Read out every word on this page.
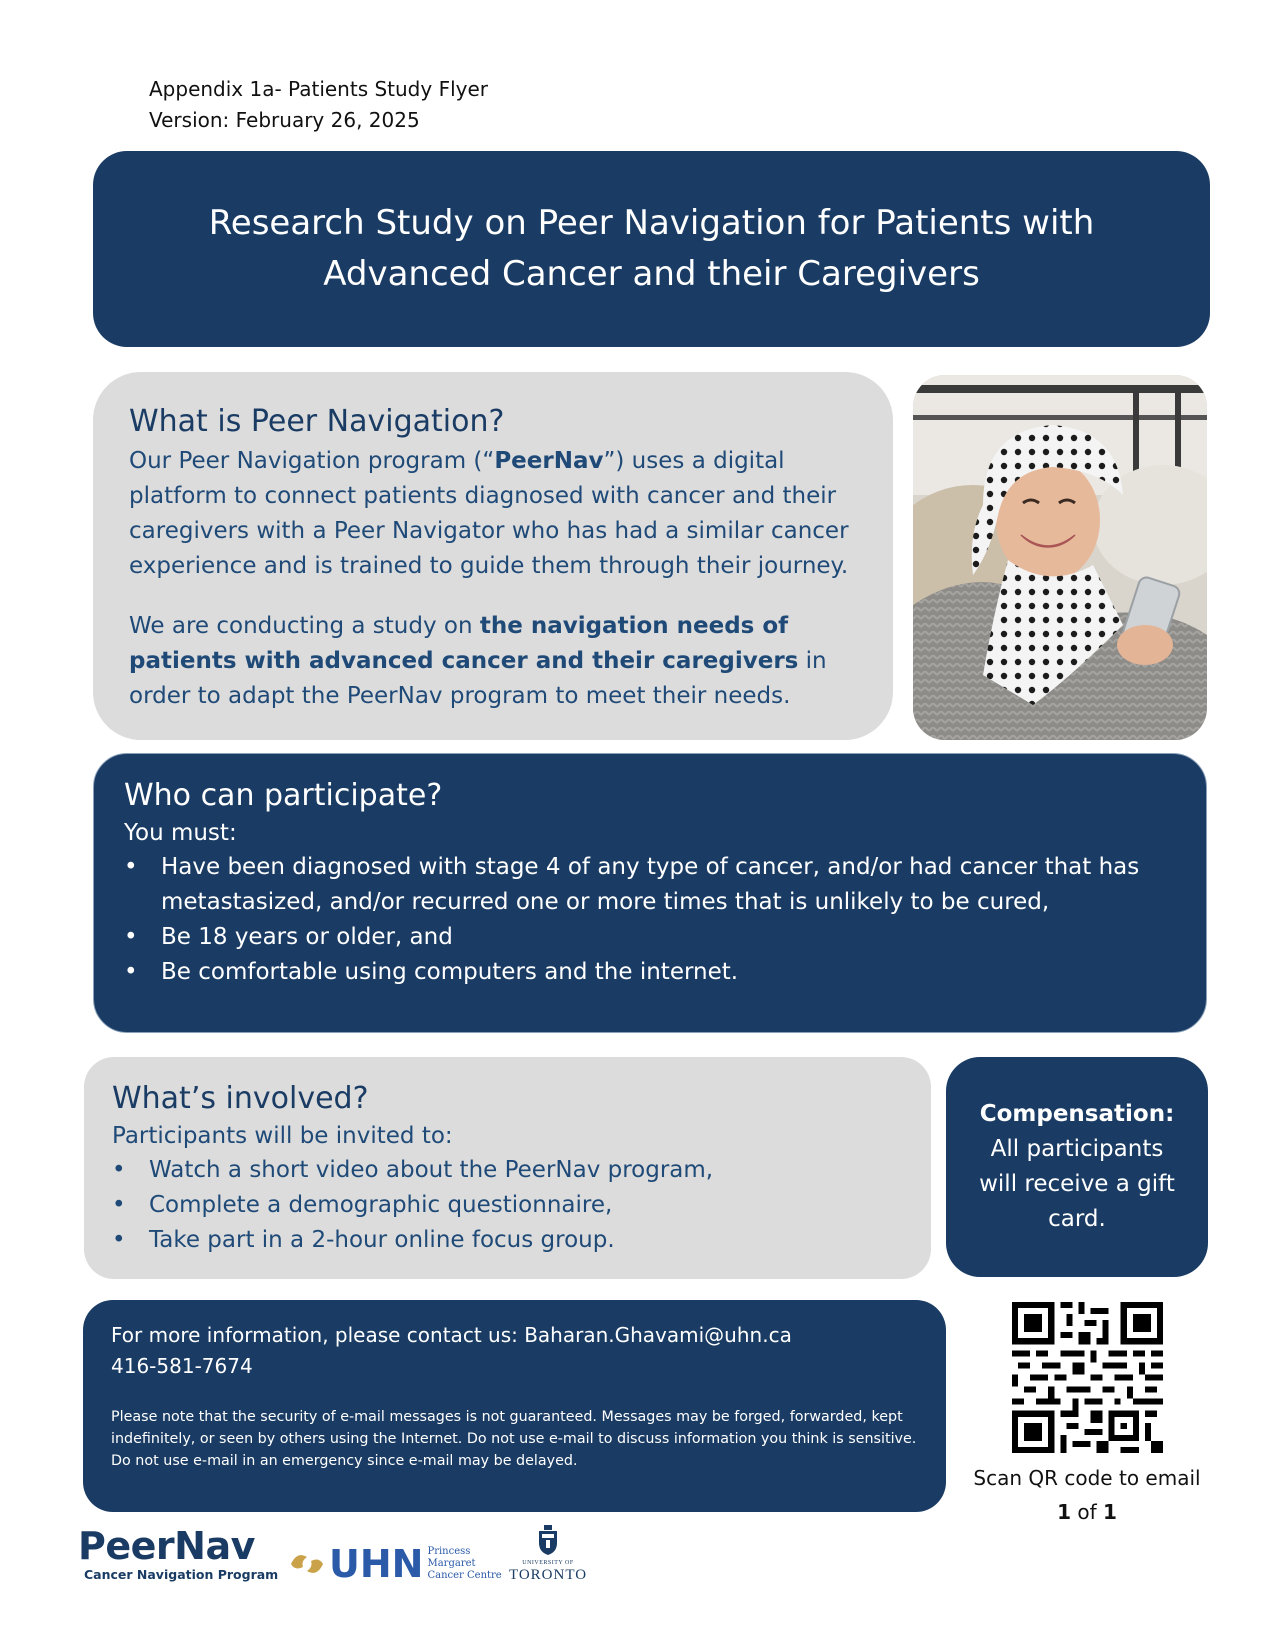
Appendix 1a- Patients Study Flyer
Version: February 26, 2025
Research Study on Peer Navigation for Patients with Advanced Cancer and their Caregivers
What is Peer Navigation?

Our Peer Navigation program (“PeerNav”) uses a digital platform to connect patients diagnosed with cancer and their caregivers with a Peer Navigator who has had a similar cancer experience and is trained to guide them through their journey.

We are conducting a study on the navigation needs of patients with advanced cancer and their caregivers in order to adapt the PeerNav program to meet their needs.

Who can participate?
You must:
• Have been diagnosed with stage 4 of any type of cancer, and/or had cancer that has metastasized, and/or recurred one or more times that is unlikely to be cured,
• Be 18 years or older, and
• Be comfortable using computers and the internet.
What’s involved?
Participants will be invited to:
• Watch a short video about the PeerNav program,
• Complete a demographic questionnaire,
• Take part in a 2-hour online focus group.
Compensation:
All participants will receive a gift card.
For more information, please contact us: Baharan.Ghavami@uhn.ca
416-581-7674
Please note that the security of e-mail messages is not guaranteed. Messages may be forged, forwarded, kept indefinitely, or seen by others using the Internet. Do not use e-mail to discuss information you think is sensitive. Do not use e-mail in an emergency since e-mail may be delayed.
Scan QR code to email
1 of 1
PeerNav
Cancer Navigation Program UHN Princess
Margaret
Cancer Centre
UNIVERSITY OF
TORONTO
